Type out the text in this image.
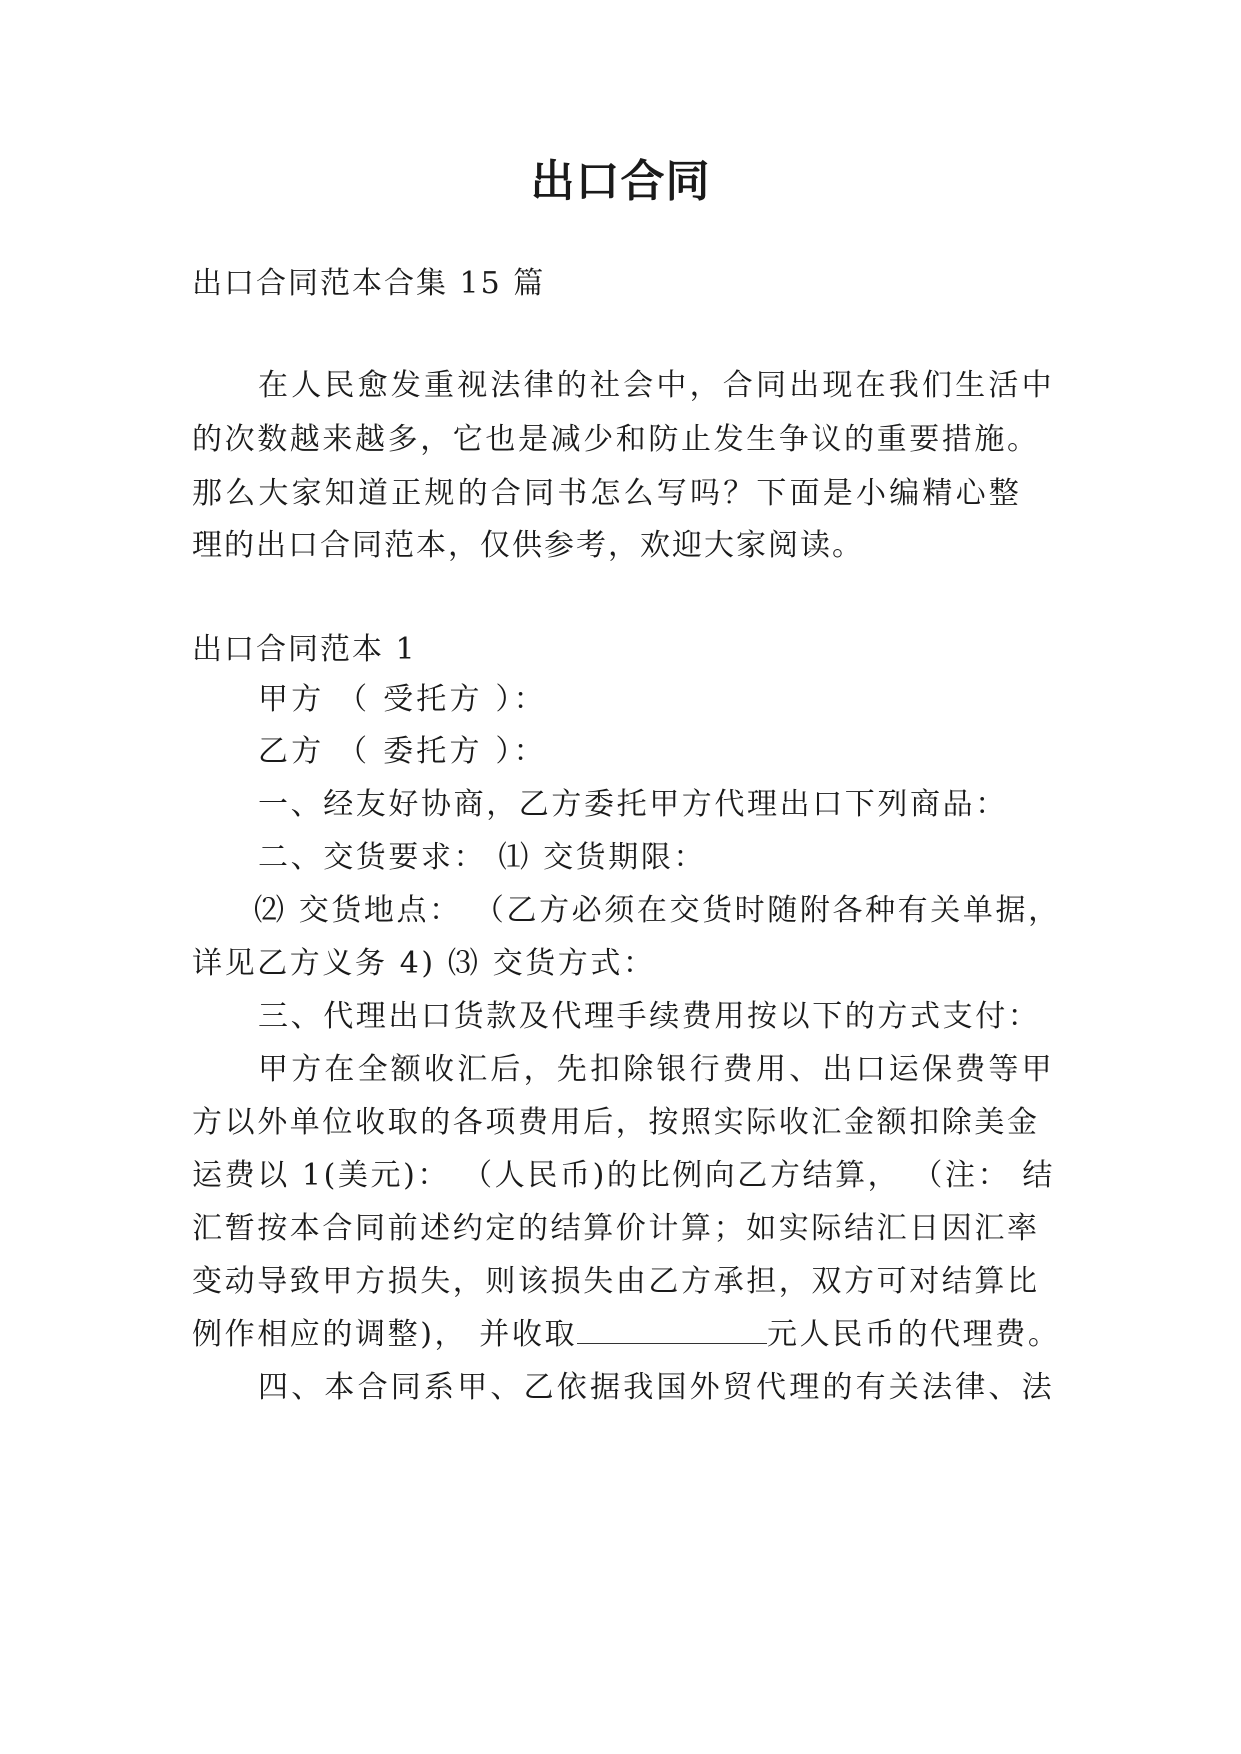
出口合同
出口合同范本合集 15 篇
在人民愈发重视法律的社会中，合同出现在我们生活中
的次数越来越多，它也是减少和防止发生争议的重要措施。
那么大家知道正规的合同书怎么写吗？下面是小编精心整
理的出口合同范本，仅供参考，欢迎大家阅读。
出口合同范本 1
甲方 （ 受托方 ）：
乙方 （ 委托方 ）：
一、经友好协商，乙方委托甲方代理出口下列商品：
二、交货要求： ⑴ 交货期限：
⑵ 交货地点： （乙方必须在交货时随附各种有关单据，
详见乙方义务 4) ⑶ 交货方式：
三、代理出口货款及代理手续费用按以下的方式支付：
甲方在全额收汇后，先扣除银行费用、出口运保费等甲
方以外单位收取的各项费用后，按照实际收汇金额扣除美金
运费以 1(美元)： （人民币)的比例向乙方结算， （注： 结
汇暂按本合同前述约定的结算价计算；如实际结汇日因汇率
变动导致甲方损失，则该损失由乙方承担，双方可对结算比
例作相应的调整)， 并收取	元人民币的代理费。
四、本合同系甲、乙依据我国外贸代理的有关法律、法
